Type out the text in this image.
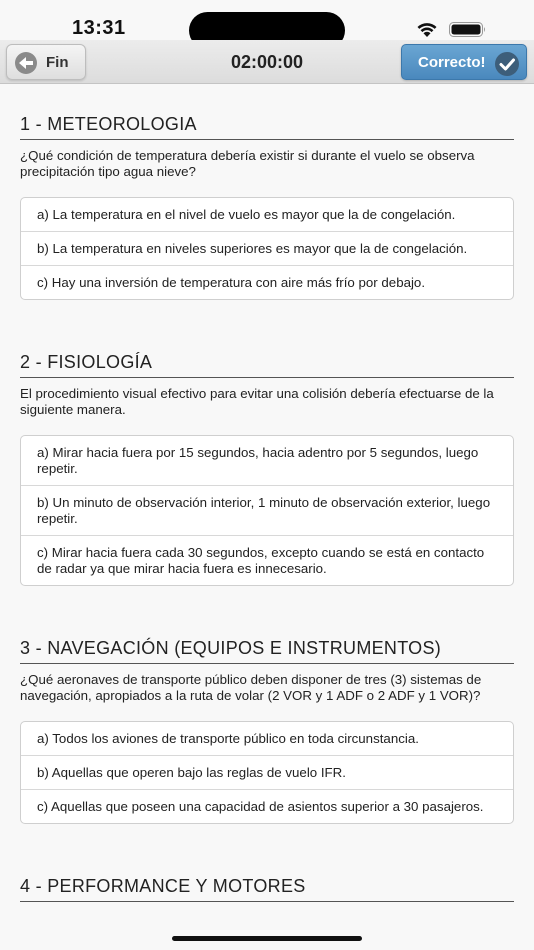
13:31
Fin	02:00:00	Correcto!
1 - METEOROLOGIA
¿Qué condición de temperatura debería existir si durante el vuelo se observa precipitación tipo agua nieve?
a) La temperatura en el nivel de vuelo es mayor que la de congelación.
b) La temperatura en niveles superiores es mayor que la de congelación.
c) Hay una inversión de temperatura con aire más frío por debajo.
2 - FISIOLOGÍA
El procedimiento visual efectivo para evitar una colisión debería efectuarse de la siguiente manera.
a) Mirar hacia fuera por 15 segundos, hacia adentro por 5 segundos, luego repetir.
b) Un minuto de observación interior, 1 minuto de observación exterior, luego repetir.
c) Mirar hacia fuera cada 30 segundos, excepto cuando se está en contacto de radar ya que mirar hacia fuera es innecesario.
3 - NAVEGACIÓN (EQUIPOS E INSTRUMENTOS)
¿Qué aeronaves de transporte público deben disponer de tres (3) sistemas de navegación, apropiados a la ruta de volar (2 VOR y 1 ADF o 2 ADF y 1 VOR)?
a) Todos los aviones de transporte público en toda circunstancia.
b) Aquellas que operen bajo las reglas de vuelo IFR.
c) Aquellas que poseen una capacidad de asientos superior a 30 pasajeros.
4 - PERFORMANCE Y MOTORES
